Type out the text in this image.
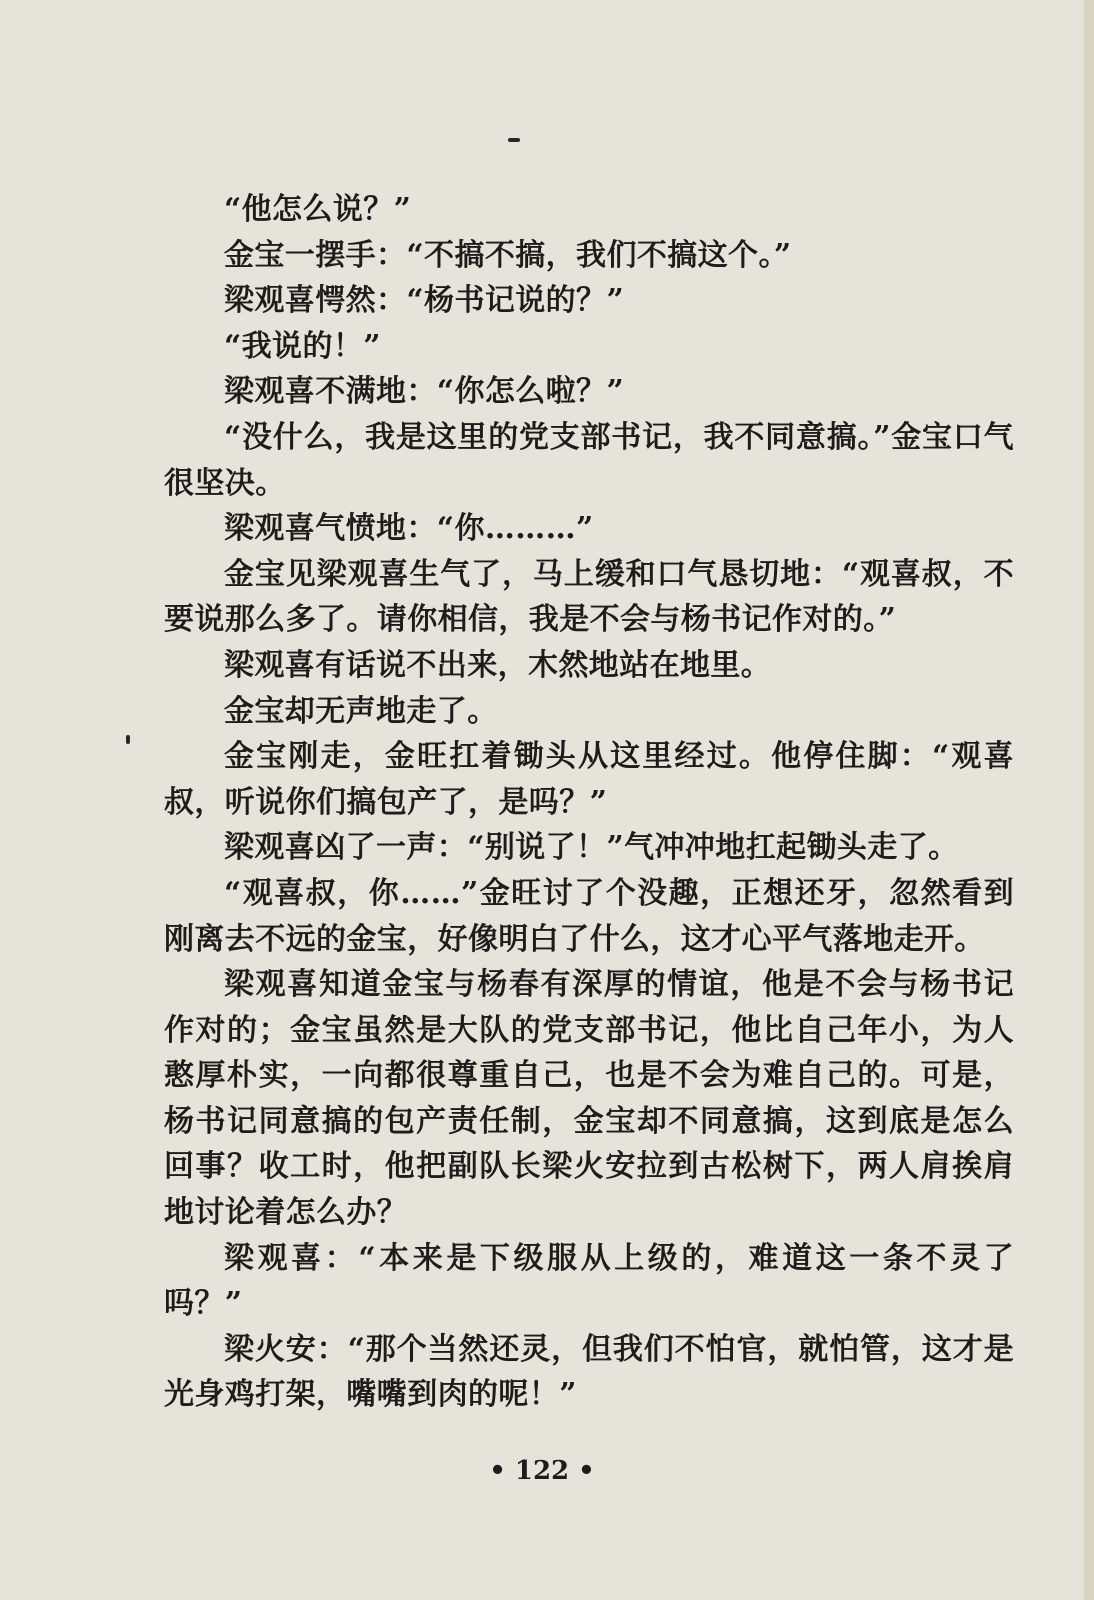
“他怎么说？”

金宝一摆手：“不搞不搞，我们不搞这个。”

梁观喜愕然：“杨书记说的？”

“我说的！”

梁观喜不满地：“你怎么啦？”

“没什么，我是这里的党支部书记，我不同意搞。”金宝口气很坚决。

梁观喜气愤地：“你………”

金宝见梁观喜生气了，马上缓和口气恳切地：“观喜叔，不要说那么多了。请你相信，我是不会与杨书记作对的。”

梁观喜有话说不出来，木然地站在地里。

金宝却无声地走了。

金宝刚走，金旺扛着锄头从这里经过。他停住脚：“观喜叔，听说你们搞包产了，是吗？”

梁观喜凶了一声：“别说了！”气冲冲地扛起锄头走了。

“观喜叔，你……”金旺讨了个没趣，正想还牙，忽然看到刚离去不远的金宝，好像明白了什么，这才心平气落地走开。

梁观喜知道金宝与杨春有深厚的情谊，他是不会与杨书记作对的；金宝虽然是大队的党支部书记，他比自己年小，为人憨厚朴实，一向都很尊重自己，也是不会为难自己的。可是，杨书记同意搞的包产责任制，金宝却不同意搞，这到底是怎么回事？收工时，他把副队长梁火安拉到古松树下，两人肩挨肩地讨论着怎么办？

梁观喜：“本来是下级服从上级的，难道这一条不灵了吗？”

梁火安：“那个当然还灵，但我们不怕官，就怕管，这才是光身鸡打架，嘴嘴到肉的呢！”

• 122 •
